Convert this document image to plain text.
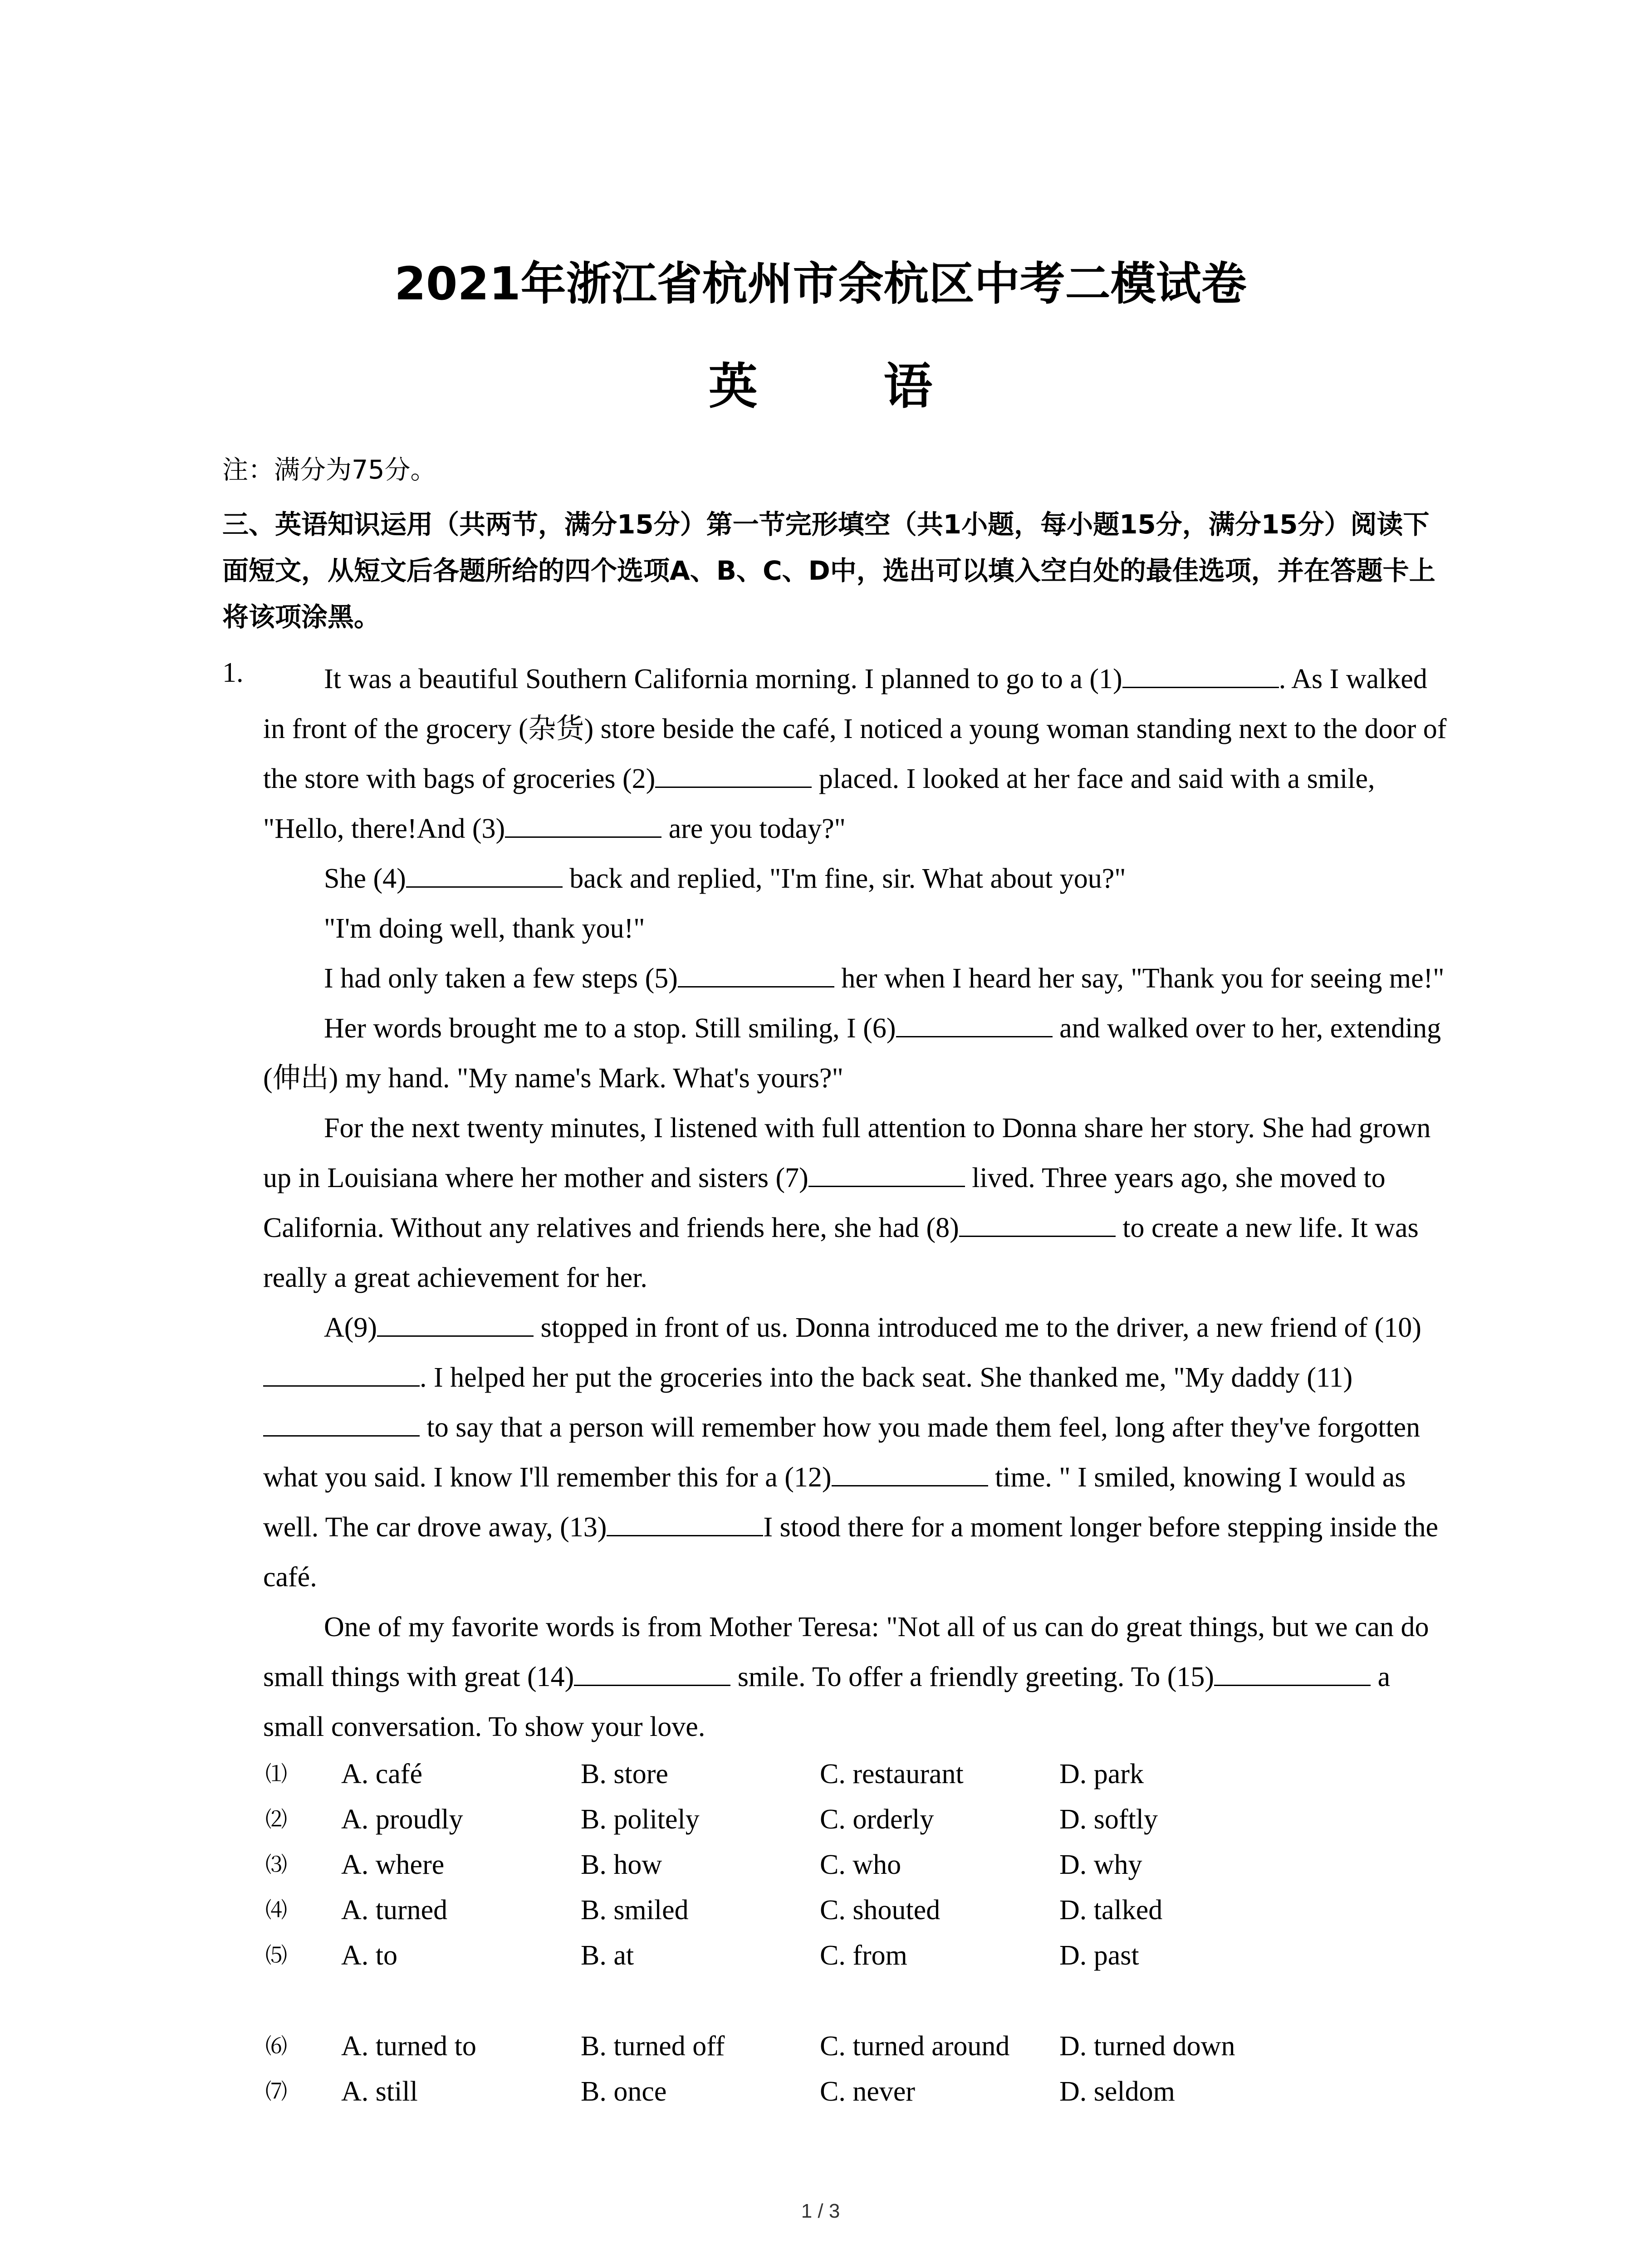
2021年浙江省杭州市余杭区中考二模试卷
英 语
注：满分为75分。
三、英语知识运用（共两节，满分15分）第一节完形填空（共1小题，每小题15分，满分15分）阅读下面短文，从短文后各题所给的四个选项A、B、C、D中，选出可以填入空白处的最佳选项，并在答题卡上将该项涂黑。
1.	It was a beautiful Southern California morning. I planned to go to a (1)	. As I walked in front of the grocery (杂货) store beside the café, I noticed a young woman standing next to the door of the store with bags of groceries (2)	placed. I looked at her face and said with a smile, "Hello, there!And (3)	are you today?"

She (4)	back and replied, "I'm fine, sir. What about you?"

"I'm doing well, thank you!"

I had only taken a few steps (5)	her when I heard her say, "Thank you for seeing me!"

Her words brought me to a stop. Still smiling, I (6)	and walked over to her, extending (伸出) my hand. "My name's Mark. What's yours?"

For the next twenty minutes, I listened with full attention to Donna share her story. She had grown up in Louisiana where her mother and sisters (7)	lived. Three years ago, she moved to California. Without any relatives and friends here, she had (8)	to create a new life. It was really a great achievement for her.

A(9)	stopped in front of us. Donna introduced me to the driver, a new friend of (10). I helped her put the groceries into the back seat. She thanked me, "My daddy (11) to say that a person will remember how you made them feel, long after they've forgotten what you said. I know I'll remember this for a (12)	time. " I smiled, knowing I would as well. The car drove away, (13)	I stood there for a moment longer before stepping inside the café.

One of my favorite words is from Mother Teresa: "Not all of us can do great things, but we can do small things with great (14)	smile. To offer a friendly greeting. To (15)	a small conversation. To show your love.

⑴ A. café	B. store	C. restaurant	D. park
⑵ A. proudly	B. politely	C. orderly	D. softly
⑶ A. where	B. how	C. who	D. why
⑷ A. turned	B. smiled	C. shouted	D. talked
⑸ A. to	B. at	C. from	D. past
⑹ A. turned to	B. turned off	C. turned around D. turned down
⑺ A. still	B. once	C. never	D. seldom
1 / 3
